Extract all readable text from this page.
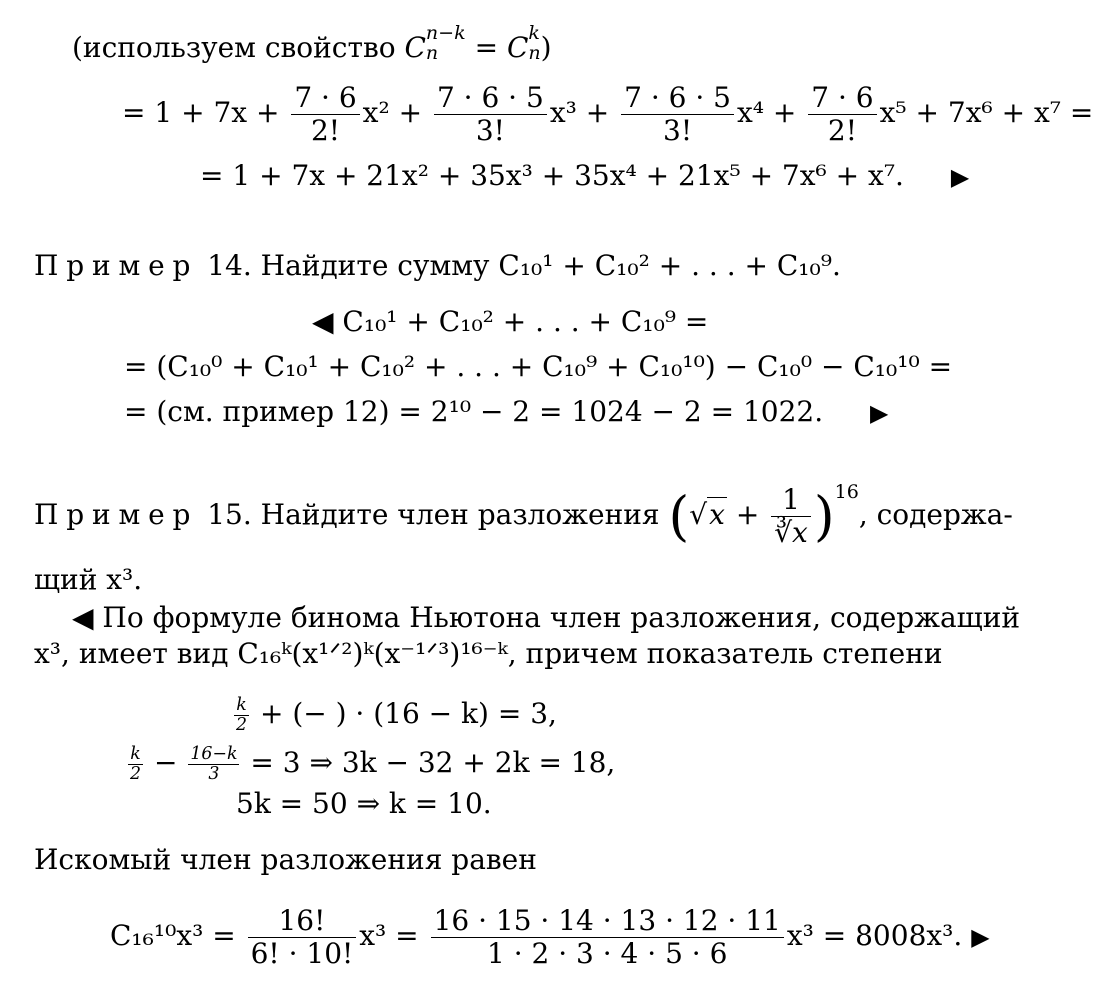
(используем свойство C n−k
n = C k
n )
= $1 + 7x + \frac{7 \cdot 6}{2!} x^2 + \frac{7 \cdot 6 \cdot 5}{3!} x^3 + \frac{7 \cdot 6 \cdot 5}{3!} x^4 + \frac{7 \cdot 6}{2!} x^5 + 7x^6 + x^7$ =
= 1 + 7x + 21x² + 35x³ + 35x⁴ + 21x⁵ + 7x⁶ + x⁷. ▶
Пример 14. Найдите сумму C₁₀¹ + C₁₀² + . . . + C₁₀⁹.
◀ C₁₀¹ + C₁₀² + . . . + C₁₀⁹ =
= (C₁₀⁰ + C₁₀¹ + C₁₀² + . . . + C₁₀⁹ + C₁₀¹⁰) − C₁₀⁰ − C₁₀¹⁰ =
= (см. пример 12) = 2¹⁰ − 2 = 1024 − 2 = 1022. ▶
Пример 15. Найдите член разложения $(√x + \frac{1}{∛x} )^{16}$, содержа-
щий x³.
◀ По формуле бинома Ньютона член разложения, содержащий
x³, имеет вид C₁₆ᵏ(x¹ᐟ²)ᵏ(x⁻¹ᐟ³)¹⁶⁻ᵏ, причем показатель степени
$\frac{k}{2}$ + (− ) · (16 − k) = 3,
$\frac{k}{2} - \frac{16-k}{3} = 3$ ⇒ 3k − 32 + 2k = 18,
5k = 50 ⇒ k = 10.
Искомый член разложения равен
$C_{16}^{10}x^3 = \frac{16!}{6! \cdot 10!} x^3 = \frac{16 \cdot 15 \cdot 14 \cdot 13 \cdot 12 \cdot 11}{1 \cdot 2 \cdot 3 \cdot 4 \cdot 5 \cdot 6} x^3 = 8008x^3$. ▶
